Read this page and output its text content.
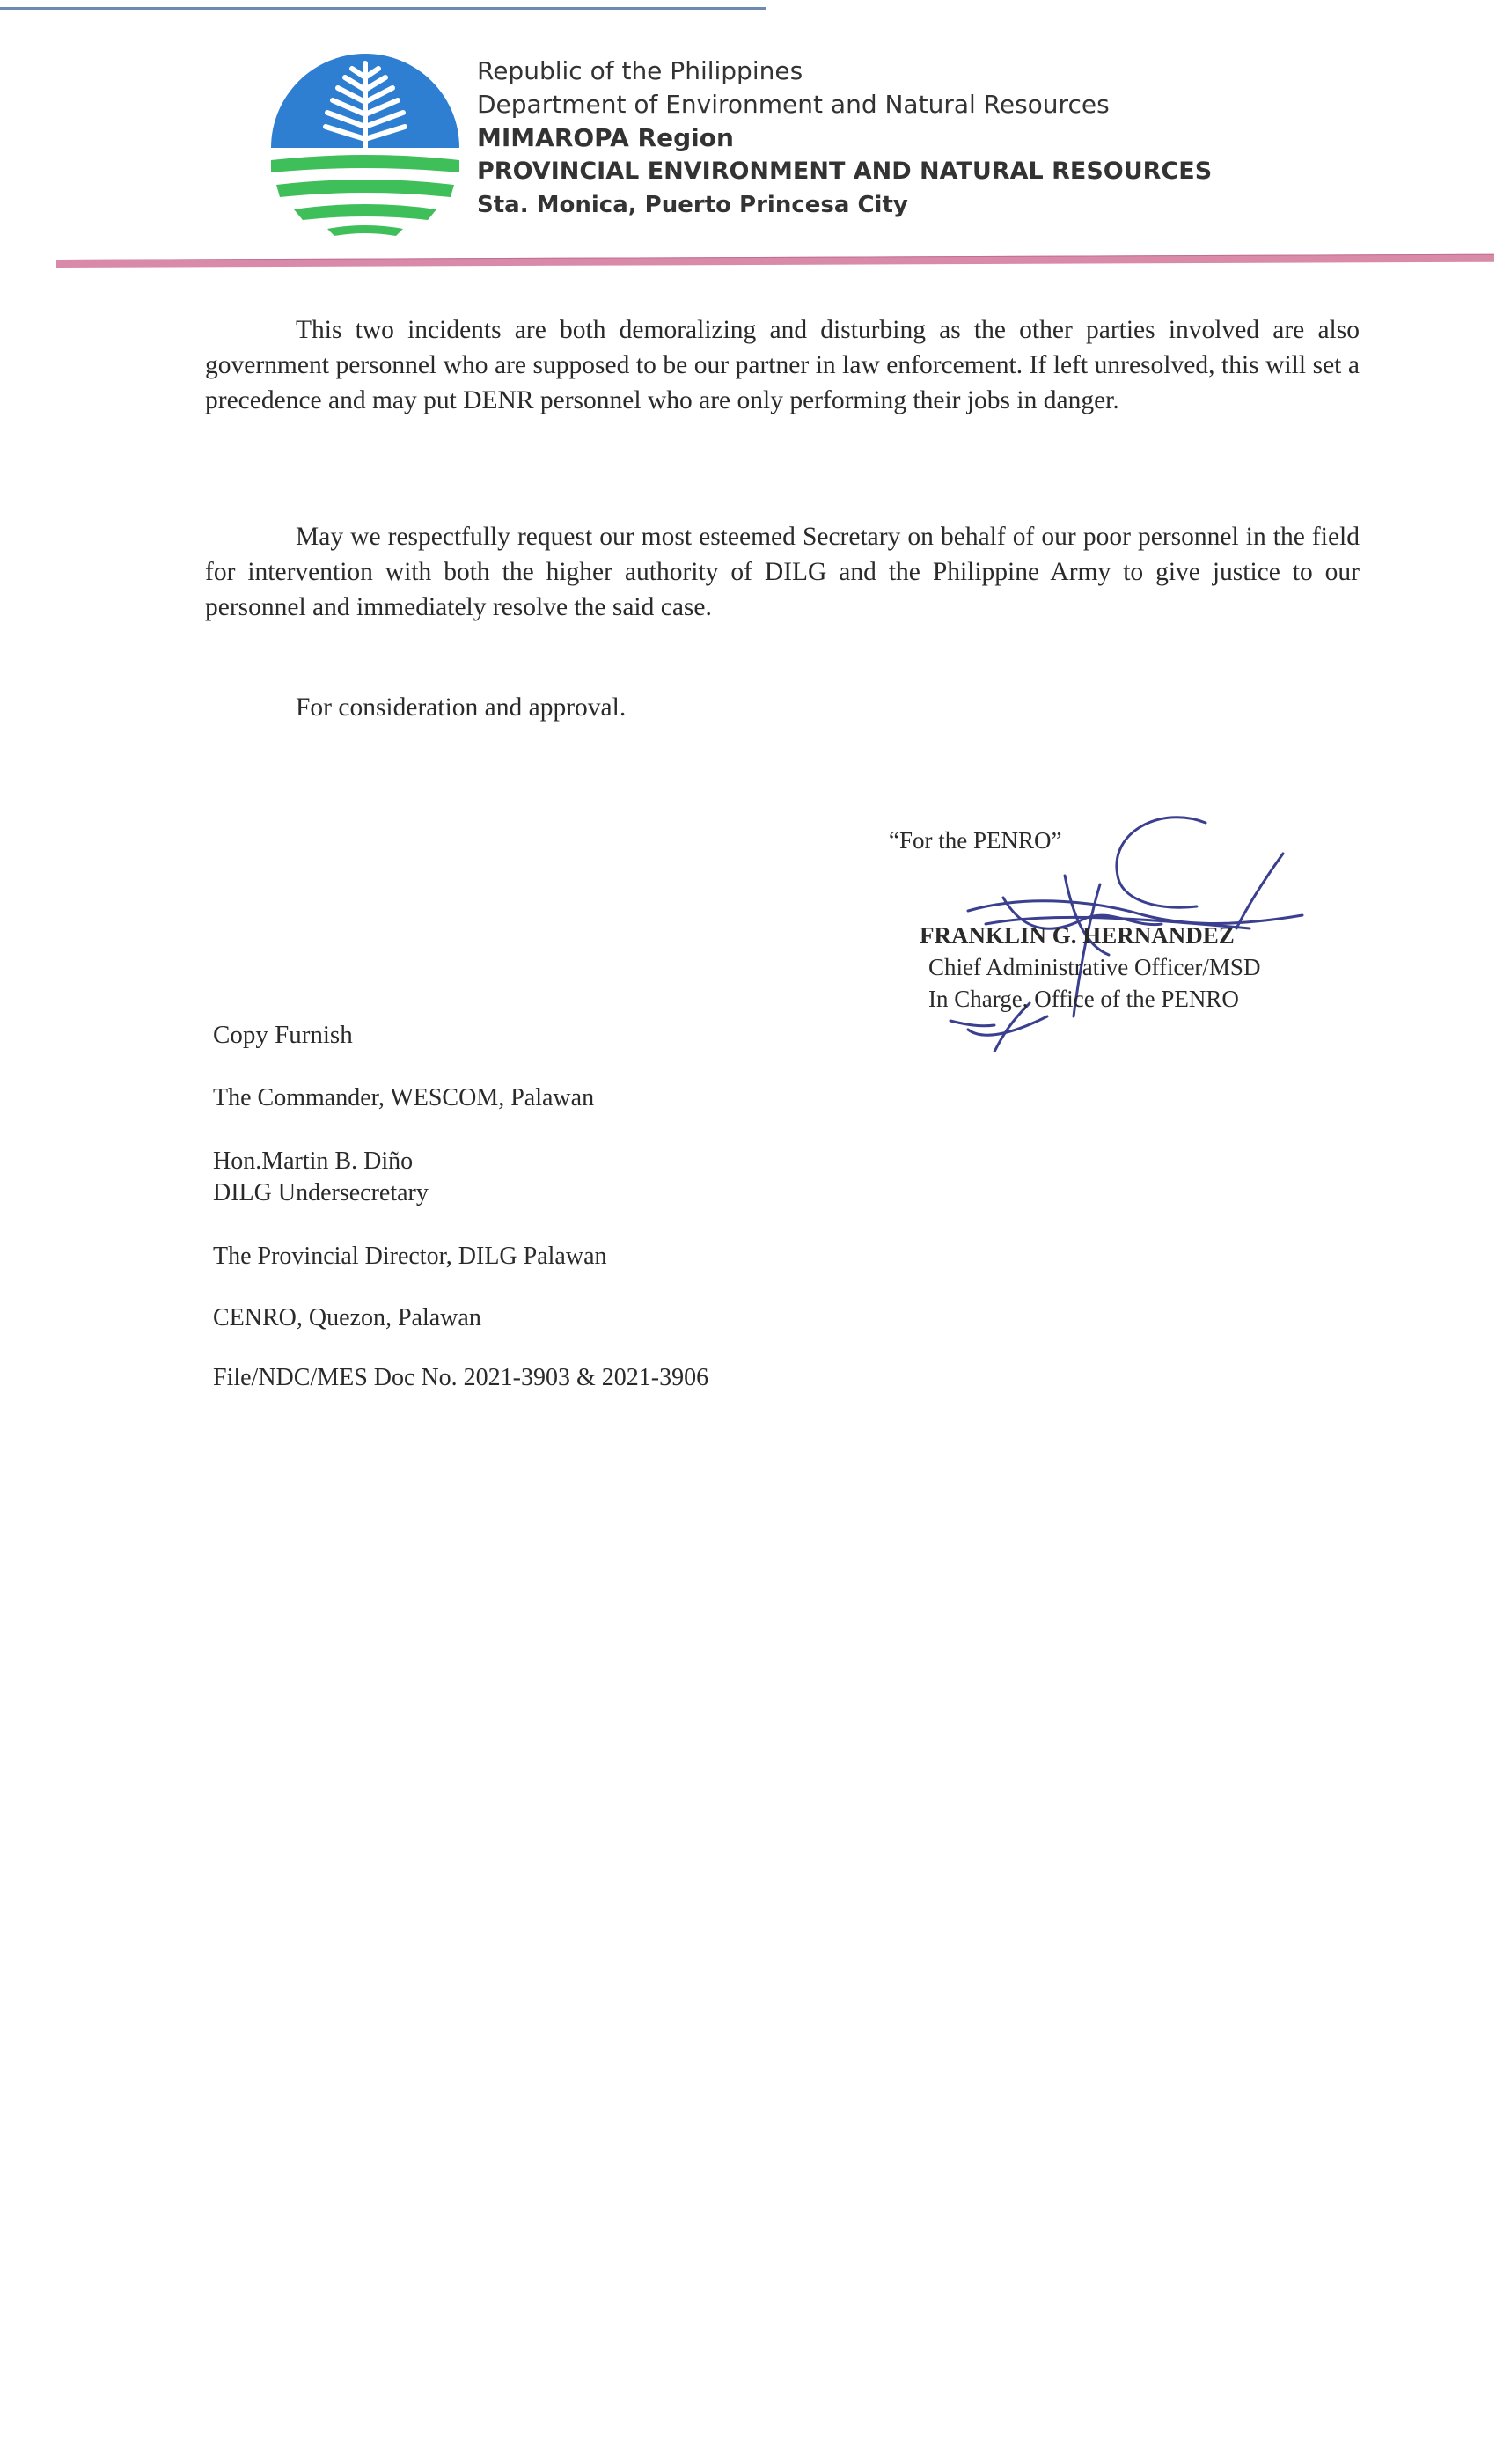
Republic of the Philippines
Department of Environment and Natural Resources
MIMAROPA Region
PROVINCIAL ENVIRONMENT AND NATURAL RESOURCES
Sta. Monica, Puerto Princesa City

This two incidents are both demoralizing and disturbing as the other parties involved are also government personnel who are supposed to be our partner in law enforcement. If left unresolved, this will set a precedence and may put DENR personnel who are only performing their jobs in danger.

May we respectfully request our most esteemed Secretary on behalf of our poor personnel in the field for intervention with both the higher authority of DILG and the Philippine Army to give justice to our personnel and immediately resolve the said case.

For consideration and approval.
“For the PENRO”
FRANKLIN G. HERNANDEZ
Chief Administrative Officer/MSD
In Charge, Office of the PENRO
Copy Furnish
The Commander, WESCOM, Palawan
Hon.Martin B. Diño
DILG Undersecretary
The Provincial Director, DILG Palawan
CENRO, Quezon, Palawan
File/NDC/MES Doc No. 2021-3903 & 2021-3906
